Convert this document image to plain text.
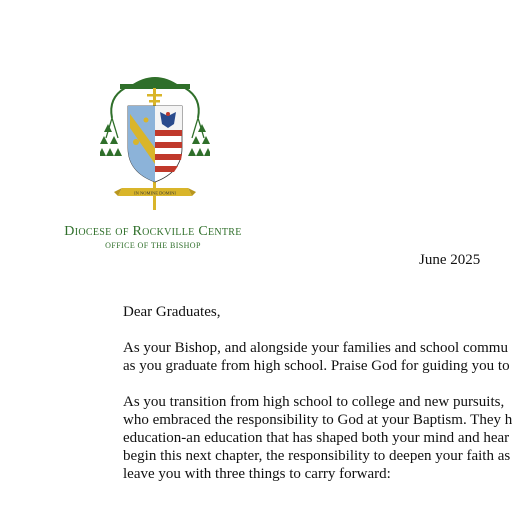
IN NOMINE DOMINI
Diocese of Rockville Centre
OFFICE OF THE BISHOP
June 2025
Dear Graduates,
As your Bishop, and alongside your families and school commu
as you graduate from high school. Praise God for guiding you to
As you transition from high school to college and new pursuits,
who embraced the responsibility to God at your Baptism. They h
education-an education that has shaped both your mind and hear
begin this next chapter, the responsibility to deepen your faith as
leave you with three things to carry forward:
